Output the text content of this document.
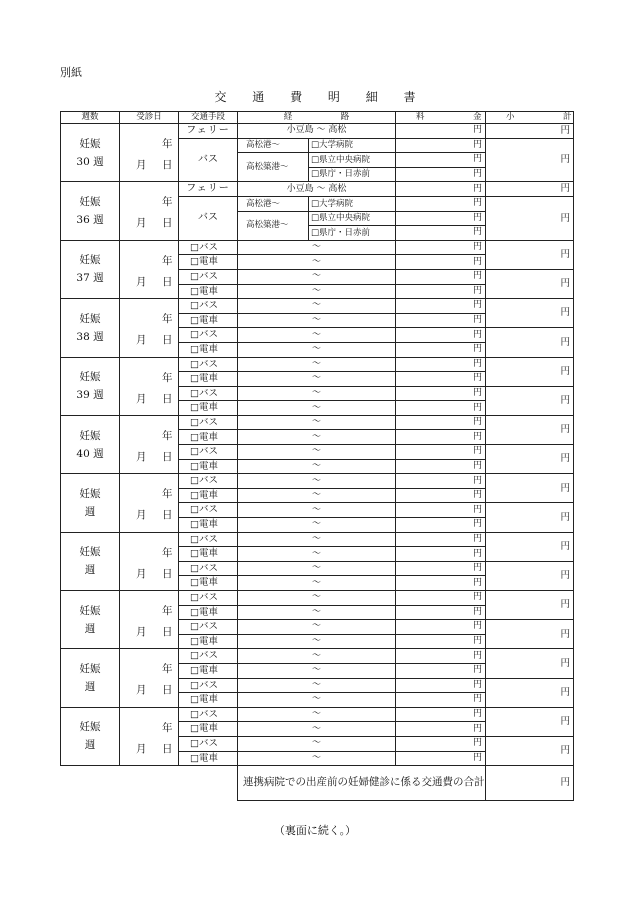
別紙
交 通 費 明 細 書
週数	受診日	交通手段	経　路		料　金	小　計
妊娠
30 週	年
月 日	フェリー	小豆島 〜 高松		円	円
		バス	高松港〜	□大学病院	円	円
			高松築港〜	□県立中央病院	円	
				□県庁・日赤前	円	
妊娠
36 週	年
月 日	フェリー	小豆島 〜 高松		円	円
		バス	高松港〜	□大学病院	円	円
			高松築港〜	□県立中央病院	円	
				□県庁・日赤前	円	
妊娠
37 週	年
月 日	□バス	〜		円	円
		□電車	〜		円	
		□バス	〜		円	円
		□電車	〜		円	
妊娠
38 週	年
月 日	□バス	〜		円	円
		□電車	〜		円	
		□バス	〜		円	円
		□電車	〜		円	
妊娠
39 週	年
月 日	□バス	〜		円	円
		□電車	〜		円	
		□バス	〜		円	円
		□電車	〜		円	
妊娠
40 週	年
月 日	□バス	〜		円	円
		□電車	〜		円	
		□バス	〜		円	円
		□電車	〜		円	
妊娠
週	年
月 日	□バス	〜		円	円
		□電車	〜		円	
		□バス	〜		円	円
		□電車	〜		円	
妊娠
週	年
月 日	□バス	〜		円	円
		□電車	〜		円	
		□バス	〜		円	円
		□電車	〜		円	
妊娠
週	年
月 日	□バス	〜		円	円
		□電車	〜		円	
		□バス	〜		円	円
		□電車	〜		円	
妊娠
週	年
月 日	□バス	〜		円	円
		□電車	〜		円	
		□バス	〜		円	円
		□電車	〜		円	
妊娠
週	年
月 日	□バス	〜		円	円
		□電車	〜		円	
		□バス	〜		円	円
		□電車	〜		円	
			連携病院での出産前の妊婦健診に係る交通費の合計			円
（裏面に続く。）
